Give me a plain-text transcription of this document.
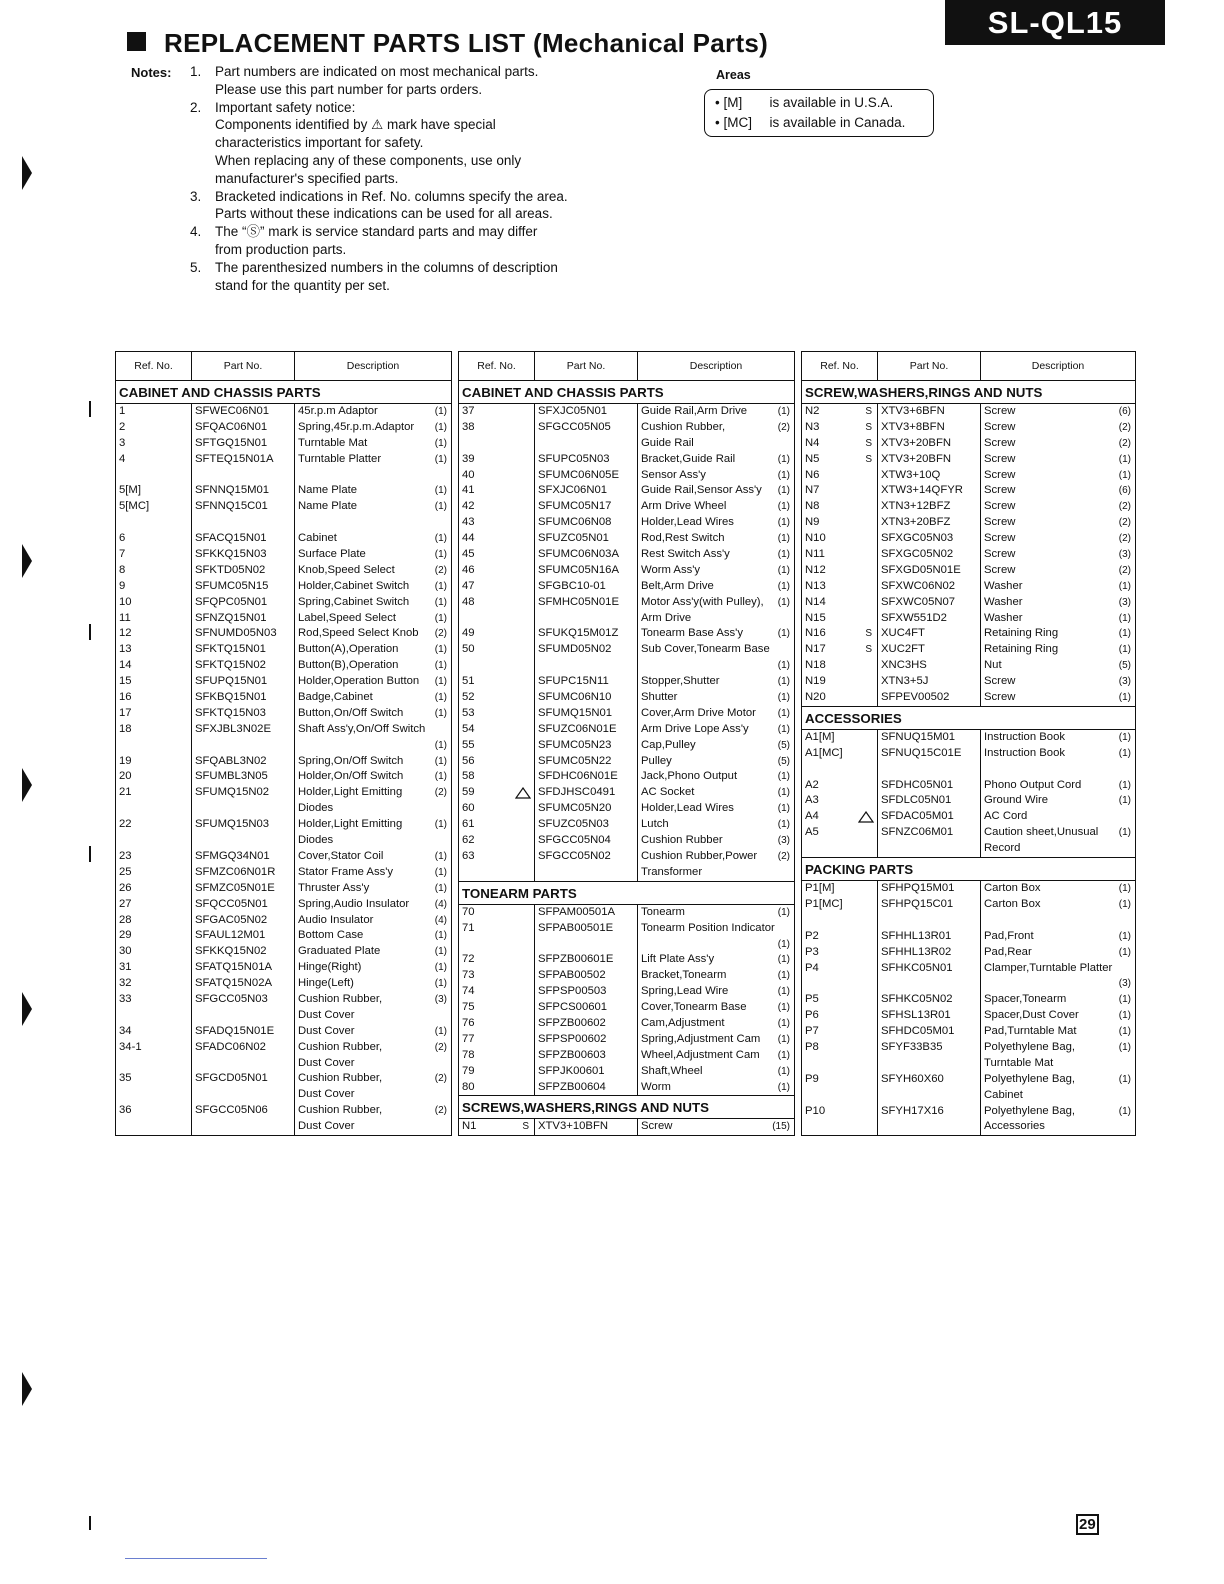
SL-QL15
REPLACEMENT PARTS LIST (Mechanical Parts)
Notes: 1.	Part numbers are indicated on most mechanical parts.
Please use this part number for parts orders.
2.	Important safety notice:
Components identified by ⚠ mark have special
characteristics important for safety.
When replacing any of these components, use only
manufacturer's specified parts.
3.	Bracketed indications in Ref. No. columns specify the area.
Parts without these indications can be used for all areas.
4.	The “Ⓢ” mark is service standard parts and may differ
from production parts.
5.	The parenthesized numbers in the columns of description
stand for the quantity per set.
Areas
• [M] is available in U.S.A.
• [MC] is available in Canada.
Ref. No.	Part No.	Description
CABINET AND CHASSIS PARTS
1	SFWEC06N01	45r.p.m Adaptor	(1)
2	SFQAC06N01	Spring,45r.p.m.Adaptor (1)
3	SFTGQ15N01	Turntable Mat	(1)
4	SFTEQ15N01A	Turntable Platter	(1)
5[M]	SFNNQ15M01	Name Plate	(1)
5[MC]	SFNNQ15C01	Name Plate	(1)
6	SFACQ15N01	Cabinet	(1)
7	SFKKQ15N03	Surface Plate	(1)
8	SFKTD05N02	Knob,Speed Select	(2)
9	SFUMC05N15	Holder,Cabinet Switch	(1)
10	SFQPC05N01	Spring,Cabinet Switch	(1)
11	SFNZQ15N01	Label,Speed Select	(1)
12	SFNUMD05N03	Rod,Speed Select Knob (2)
13	SFKTQ15N01	Button(A),Operation	(1)
14	SFKTQ15N02	Button(B),Operation	(1)
15	SFUPQ15N01	Holder,Operation Button (1)
16	SFKBQ15N01	Badge,Cabinet	(1)
17	SFKTQ15N03	Button,On/Off Switch	(1)
18	SFXJBL3N02E	Shaft Ass'y,On/Off Switch
(1)
19	SFQABL3N02	Spring,On/Off Switch	(1)
20	SFUMBL3N05	Holder,On/Off Switch	(1)
21	SFUMQ15N02	Holder,Light Emitting	(2)
Diodes
22	SFUMQ15N03	Holder,Light Emitting	(1)
Diodes
23	SFMGQ34N01	Cover,Stator Coil	(1)
25	SFMZC06N01R	Stator Frame Ass'y	(1)
26	SFMZC05N01E	Thruster Ass'y	(1)
27	SFQCC05N01	Spring,Audio Insulator	(4)
28	SFGAC05N02	Audio Insulator	(4)
29	SFAUL12M01	Bottom Case	(1)
30	SFKKQ15N02	Graduated Plate	(1)
31	SFATQ15N01A	Hinge(Right)	(1)
32	SFATQ15N02A	Hinge(Left)	(1)
33	SFGCC05N03	Cushion Rubber,	(3)
Dust Cover
34	SFADQ15N01E	Dust Cover	(1)
34-1	SFADC06N02	Cushion Rubber,	(2)
Dust Cover
35	SFGCD05N01	Cushion Rubber,	(2)
Dust Cover
36	SFGCC05N06	Cushion Rubber,	(2)
Dust Cover
Ref. No.	Part No.	Description
CABINET AND CHASSIS PARTS
37	SFXJC05N01	Guide Rail,Arm Drive	(1)
38	SFGCC05N05	Cushion Rubber,	(2)
Guide Rail
39	SFUPC05N03	Bracket,Guide Rail	(1)
40	SFUMC06N05E	Sensor Ass'y	(1)
41	SFXJC06N01	Guide Rail,Sensor Ass'y (1)
42	SFUMC05N17	Arm Drive Wheel	(1)
43	SFUMC06N08	Holder,Lead Wires	(1)
44	SFUZC05N01	Rod,Rest Switch	(1)
45	SFUMC06N03A	Rest Switch Ass'y	(1)
46	SFUMC05N16A	Worm Ass'y	(1)
47	SFGBC10-01	Belt,Arm Drive	(1)
48	SFMHC05N01E	Motor Ass'y(with Pulley), (1)
Arm Drive
49	SFUKQ15M01Z	Tonearm Base Ass'y	(1)
50	SFUMD05N02	Sub Cover,Tonearm Base
(1)
51	SFUPC15N11	Stopper,Shutter	(1)
52	SFUMC06N10	Shutter	(1)
53	SFUMQ15N01	Cover,Arm Drive Motor (1)
54	SFUZC06N01E	Arm Drive Lope Ass'y	(1)
55	SFUMC05N23	Cap,Pulley	(5)
56	SFUMC05N22	Pulley	(5)
58	SFDHC06N01E	Jack,Phono Output	(1)
59	SFDJHSC0491	AC Socket	(1)
60	SFUMC05N20	Holder,Lead Wires	(1)
61	SFUZC05N03	Lutch	(1)
62	SFGCC05N04	Cushion Rubber	(3)
63	SFGCC05N02	Cushion Rubber,Power (2)
Transformer
TONEARM PARTS
70	SFPAM00501A	Tonearm	(1)
71	SFPAB00501E	Tonearm Position Indicator
(1)
72	SFPZB00601E	Lift Plate Ass'y	(1)
73	SFPAB00502	Bracket,Tonearm	(1)
74	SFPSP00503	Spring,Lead Wire	(1)
75	SFPCS00601	Cover,Tonearm Base	(1)
76	SFPZB00602	Cam,Adjustment	(1)
77	SFPSP00602	Spring,Adjustment Cam (1)
78	SFPZB00603	Wheel,Adjustment Cam (1)
79	SFPJK00601	Shaft,Wheel	(1)
80	SFPZB00604	Worm	(1)
SCREWS,WASHERS,RINGS AND NUTS
N1	S XTV3+10BFN	Screw	(15)
Ref. No.	Part No.	Description
SCREW,WASHERS,RINGS AND NUTS
N2	S XTV3+6BFN	Screw	(6)
N3	S XTV3+8BFN	Screw	(2)
N4	S XTV3+20BFN	Screw	(2)
N5	S XTV3+20BFN	Screw	(1)
N6	XTW3+10Q	Screw	(1)
N7	XTW3+14QFYR	Screw	(6)
N8	XTN3+12BFZ	Screw	(2)
N9	XTN3+20BFZ	Screw	(2)
N10	SFXGC05N03	Screw	(2)
N11	SFXGC05N02	Screw	(3)
N12	SFXGD05N01E	Screw	(2)
N13	SFXWC06N02	Washer	(1)
N14	SFXWC05N07	Washer	(3)
N15	SFXW551D2	Washer	(1)
N16	S XUC4FT	Retaining Ring	(1)
N17	S XUC2FT	Retaining Ring	(1)
N18	XNC3HS	Nut	(5)
N19	XTN3+5J	Screw	(3)
N20	SFPEV00502	Screw	(1)
ACCESSORIES
A1[M]	SFNUQ15M01	Instruction Book	(1)
A1[MC]	SFNUQ15C01E	Instruction Book	(1)
A2	SFDHC05N01	Phono Output Cord	(1)
A3	SFDLC05N01	Ground Wire	(1)
A4	SFDAC05M01	AC Cord
A5	SFNZC06M01	Caution sheet,Unusual (1)
Record
PACKING PARTS
P1[M]	SFHPQ15M01	Carton Box	(1)
P1[MC]	SFHPQ15C01	Carton Box	(1)
P2	SFHHL13R01	Pad,Front	(1)
P3	SFHHL13R02	Pad,Rear	(1)
P4	SFHKC05N01	Clamper,Turntable Platter
(3)
P5	SFHKC05N02	Spacer,Tonearm	(1)
P6	SFHSL13R01	Spacer,Dust Cover	(1)
P7	SFHDC05M01	Pad,Turntable Mat	(1)
P8	SFYF33B35	Polyethylene Bag,	(1)
Turntable Mat
P9	SFYH60X60	Polyethylene Bag,	(1)
Cabinet
P10	SFYH17X16	Polyethylene Bag,	(1)
Accessories
29
